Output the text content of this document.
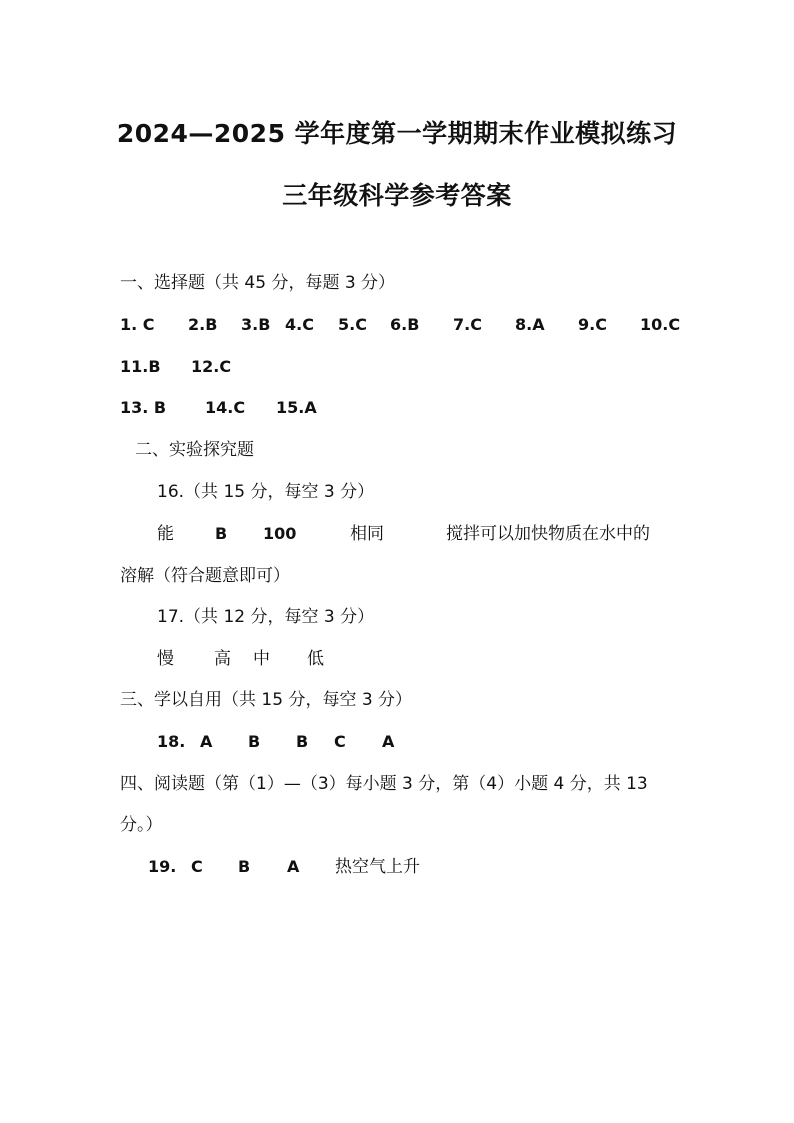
2024—2025 学年度第一学期期末作业模拟练习
三年级科学参考答案
一、选择题（共 45 分，每题 3 分）
1. C 2.B 3.B 4.C 5.C 6.B 7.C 8.A 9.C 10.C
11.B 12.C
13. B 14.C 15.A
二、实验探究题
16.（共 15 分，每空 3 分）
能	B 100	相同	搅拌可以加快物质在水中的
溶解（符合题意即可）
17.（共 12 分，每空 3 分）
慢 高 中 低
三、学以自用（共 15 分，每空 3 分）
18. A B B C A
四、阅读题（第（1）—（3）每小题 3 分，第（4）小题 4 分，共 13
分。）
19. C B A 热空气上升
